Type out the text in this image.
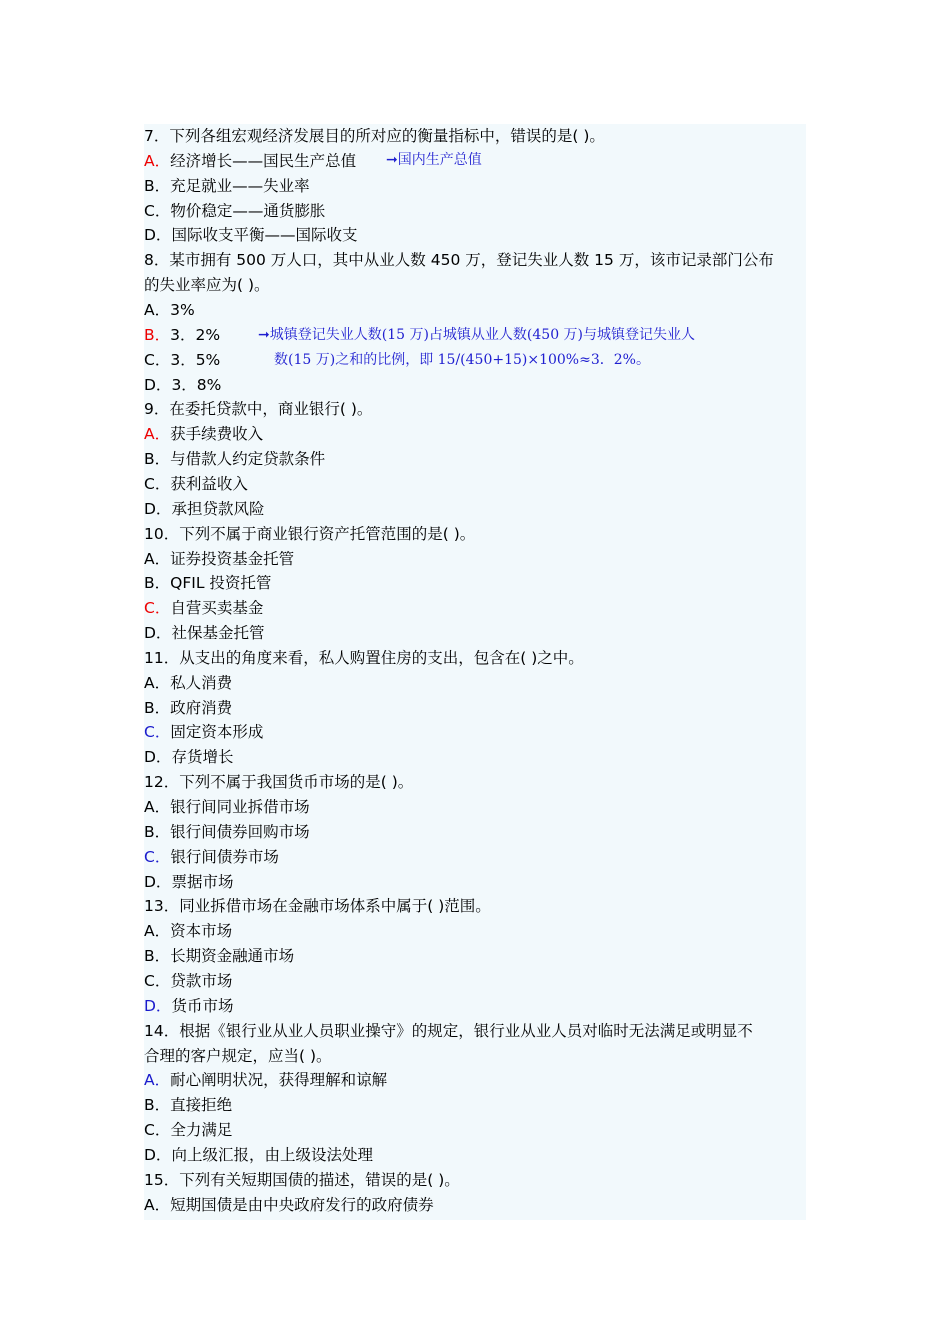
7．下列各组宏观经济发展目的所对应的衡量指标中，错误的是( )。
A．经济增长——国民生产总值
B．充足就业——失业率
C．物价稳定——通货膨胀
D．国际收支平衡——国际收支
8．某市拥有 500 万人口，其中从业人数 450 万，登记失业人数 15 万，该市记录部门公布
的失业率应为( )。
A．3%
B．3．2%
C．3．5%
D．3．8%
9．在委托贷款中，商业银行( )。
A．获手续费收入
B．与借款人约定贷款条件
C．获利益收入
D．承担贷款风险
10．下列不属于商业银行资产托管范围的是( )。
A．证券投资基金托管
B．QFIL 投资托管
C．自营买卖基金
D．社保基金托管
11．从支出的角度来看，私人购置住房的支出，包含在( )之中。
A．私人消费
B．政府消费
C．固定资本形成
D．存货增长
12．下列不属于我国货币市场的是( )。
A．银行间同业拆借市场
B．银行间债券回购市场
C．银行间债券市场
D．票据市场
13．同业拆借市场在金融市场体系中属于( )范围。
A．资本市场
B．长期资金融通市场
C．贷款市场
D．货币市场
14．根据《银行业从业人员职业操守》的规定，银行业从业人员对临时无法满足或明显不
合理的客户规定，应当( )。
A．耐心阐明状况，获得理解和谅解
B．直接拒绝
C．全力满足
D．向上级汇报，由上级设法处理
15．下列有关短期国债的描述，错误的是( )。
A．短期国债是由中央政府发行的政府债券
➞国内生产总值
➞城镇登记失业人数(15 万)占城镇从业人数(450 万)与城镇登记失业人
数(15 万)之和的比例，即 15/(450+15)×100%≈3．2%。
